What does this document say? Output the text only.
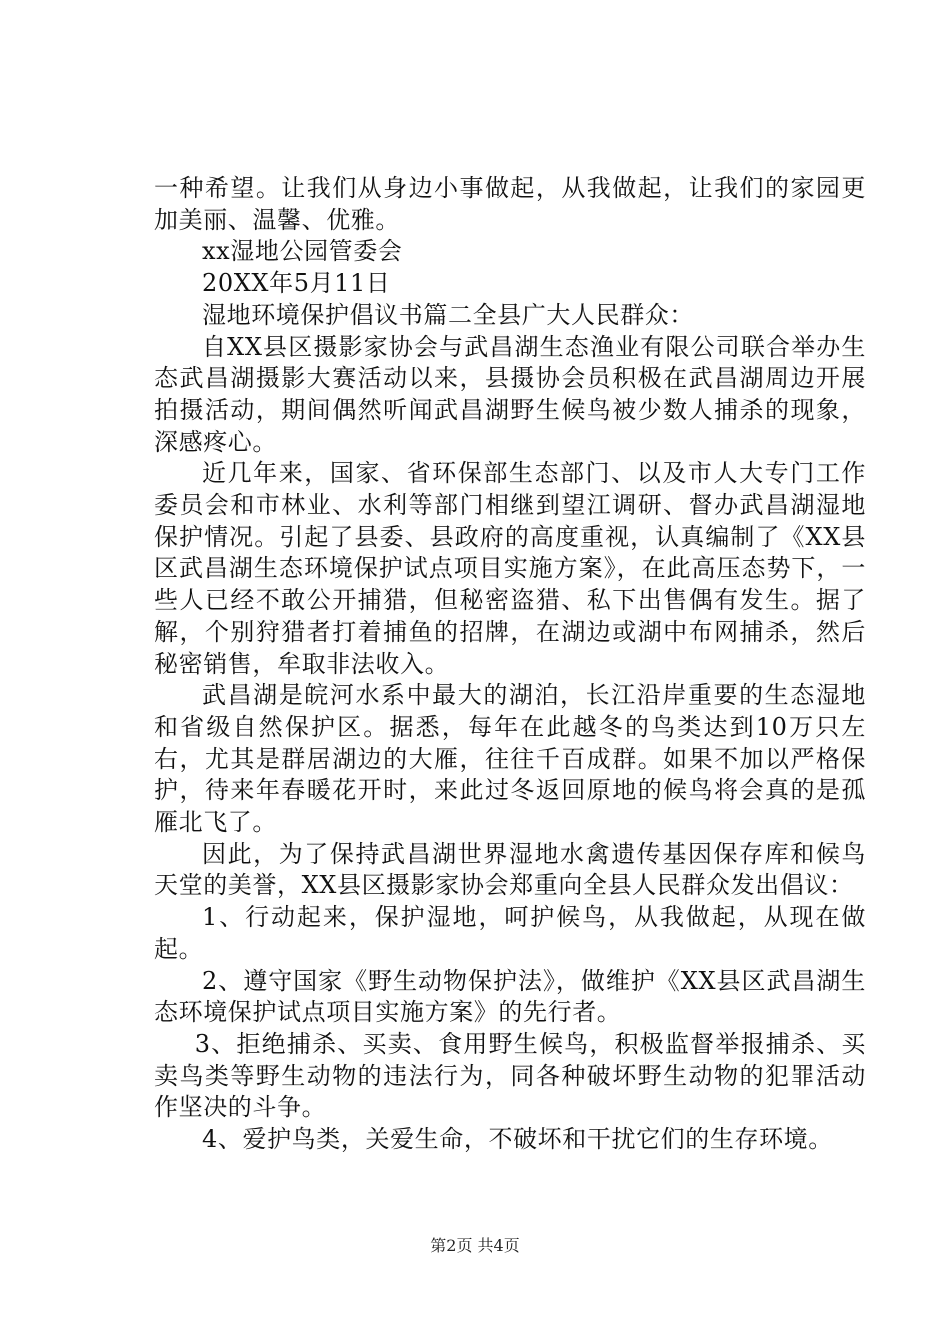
一种希望。让我们从身边小事做起，从我做起，让我们的家园更加美丽、温馨、优雅。

xx湿地公园管委会

20XX年5月11日

湿地环境保护倡议书篇二全县广大人民群众：

自XX县区摄影家协会与武昌湖生态渔业有限公司联合举办生态武昌湖摄影大赛活动以来，县摄协会员积极在武昌湖周边开展拍摄活动，期间偶然听闻武昌湖野生候鸟被少数人捕杀的现象，深感疼心。

近几年来，国家、省环保部生态部门、以及市人大专门工作委员会和市林业、水利等部门相继到望江调研、督办武昌湖湿地保护情况。引起了县委、县政府的高度重视，认真编制了《XX县区武昌湖生态环境保护试点项目实施方案》，在此高压态势下，一些人已经不敢公开捕猎，但秘密盗猎、私下出售偶有发生。据了解，个别狩猎者打着捕鱼的招牌，在湖边或湖中布网捕杀，然后秘密销售，牟取非法收入。

武昌湖是皖河水系中最大的湖泊，长江沿岸重要的生态湿地和省级自然保护区。据悉，每年在此越冬的鸟类达到10万只左右，尤其是群居湖边的大雁，往往千百成群。如果不加以严格保护，待来年春暖花开时，来此过冬返回原地的候鸟将会真的是孤雁北飞了。

因此，为了保持武昌湖世界湿地水禽遗传基因保存库和候鸟天堂的美誉，XX县区摄影家协会郑重向全县人民群众发出倡议：

1、行动起来，保护湿地，呵护候鸟，从我做起，从现在做起。

2、遵守国家《野生动物保护法》，做维护《XX县区武昌湖生态环境保护试点项目实施方案》的先行者。

3、拒绝捕杀、买卖、食用野生候鸟，积极监督举报捕杀、买卖鸟类等野生动物的违法行为，同各种破坏野生动物的犯罪活动作坚决的斗争。

4、爱护鸟类，关爱生命，不破坏和干扰它们的生存环境。

第2页 共4页
